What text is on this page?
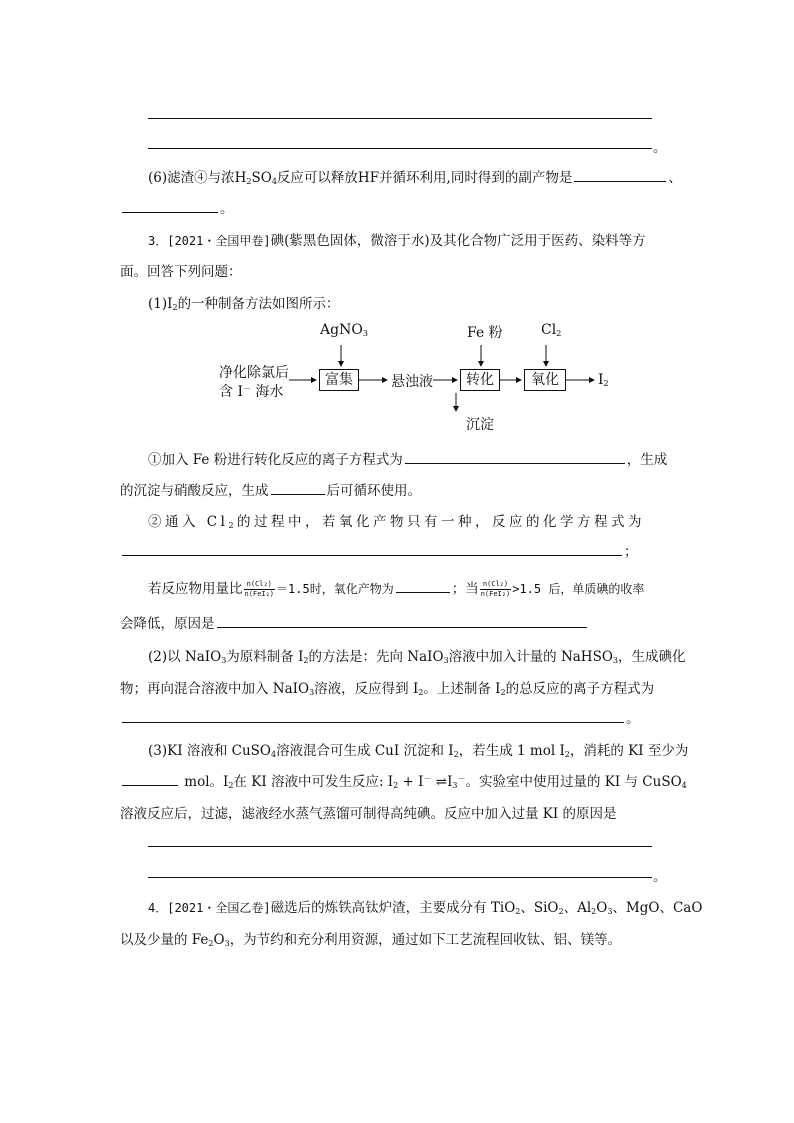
。
(6)滤渣④与浓$H_2SO_4$反应可以释放HF并循环利用,同时得到的副产物是	、
。
3．[2021・全国甲卷]碘(紫黑色固体，微溶于水)及其化合物广泛用于医药、染料等方
面。回答下列问题：
$(1)I_2$的一种制备方法如图所示：
净化除氯后
含 I－ 海水
AgNO$_3$	Fe 粉	$Cl_2$
富集	悬浊液	转化	氧化	$I_2$
沉淀
①加入 Fe 粉进行转化反应的离子方程式为	，生成
的沉淀与硝酸反应，生成	后可循环使用。
②通入 $Cl_2$的过程中，若氧化产物只有一种，反应的化学方程式为
；
若反应物用量比 $\frac{\text{n(Cl₂)}}{\text{n(FeI₂)}} =1.5$时，氧化产物为	；当 $\frac{\text{n(Cl₂)}}{\text{n(FeI₂)}} >1.5$ 后，单质碘的收率
会降低，原因是
(2)以 NaIO$_3$为原料制备 $I_2$的方法是：先向 NaIO$_3$溶液中加入计量的 NaHSO$_3$，生成碘化
物；再向混合溶液中加入 NaIO$_3$溶液，反应得到 $I_2$。上述制备 $I_2$的总反应的离子方程式为
。
(3)KI 溶液和 CuSO$_4$溶液混合可生成 CuI 沉淀和 $I_2$，若生成 1 mol $I_2$，消耗的 KI 至少为
mol。$I_2$在 KI 溶液中可发生反应: $I_2 + I^-$ $\rightleftharpoons I_3^-$。实验室中使用过量的 KI 与 CuSO$_4$
溶液反应后，过滤，滤液经水蒸气蒸馏可制得高纯碘。反应中加入过量 KI 的原因是
。
4．[2021・全国乙卷]磁选后的炼铁高钛炉渣，主要成分有 TiO$_2$、SiO$_2$、$Al_2O_3$、MgO、CaO
以及少量的 $Fe_2O_3$，为节约和充分利用资源，通过如下工艺流程回收钛、铝、镁等。
